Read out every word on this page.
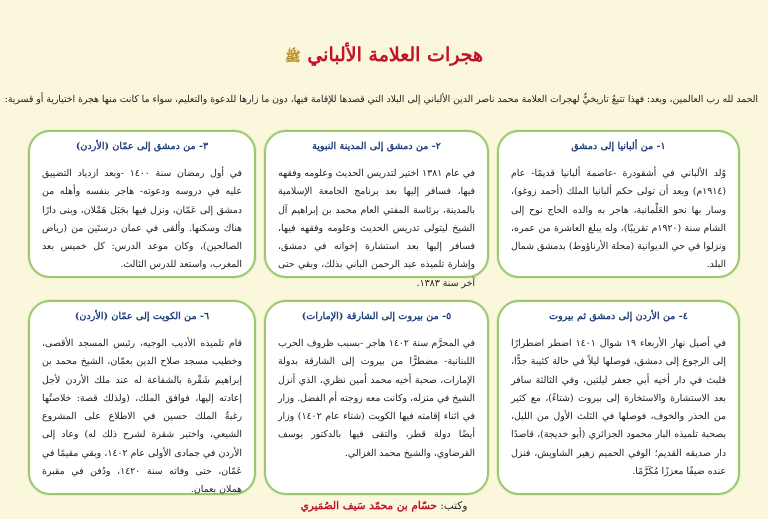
هجرات العلامة الألباني ﷺ
الحمد لله رب العالمين، وبعد: فهذا تتبعٌ تاريخيٌّ لهجرات العلامة محمد ناصر الدين الألباني إلى البلاد التي قصدها للإقامة فيها، دون ما زارها للدعوة والتعليم، سواء ما كانت منها هجرة اختيارية أو قسرية:
١- من ألبانيا إلى دمشق
وُلد الألباني في أشقودرة -عاصمة ألبانيا قديمًا- عام (١٩١٤م) وبعد أن تولى حكم ألبانيا الملك (أحمد زوغو)، وسار بها نحو العَلْمانية، هاجر به والده الحاج نوح إلى الشام سنة (١٩٢٠م تقريبًا)، وله يبلغ العاشرة من عمره، ونزلوا في حي الديوانية (محلة الأرناؤوط) بدمشق شمال البلد.
٢- من دمشق إلى المدينة النبوية
في عام ١٣٨١ اختير لتدريس الحديث وعلومه وفقهه فيها، فسافر إليها بعد برنامج الجامعة الإسلامية بالمدينة، برئاسة المفتي العام محمد بن إبراهيم آل الشيخ ليتولى تدريس الحديث وعلومه وفقهه فيها، فسافر إليها بعد استشارة إخوانه في دمشق، وإشارة تلميذه عبد الرحمن الباني بذلك، وبقي حتى آخر سنة ١٣٨٣.
٣- من دمشق إلى عمّان (الأردن)
في أول رمضان سنة ١٤٠٠ -وبعد ازدياد التضييق عليه في دروسه ودعوته- هاجر بنفسه وأهله من دمشق إلى عَمّان، ونزل فيها بجَبَل هَمْلان، وبنى دارًا هناك وسكنها. وألقى في عمان درستَين من (رياض الصالحين)، وكان موعد الدرس: كل خميس بعد المغرب، واستعد للدرس الثالث.
٤- من الأردن إلى دمشق ثم بيروت
في أصيل نهار الأربعاء ١٩ شوال ١٤٠١ اضطر اضطرارًا إلى الرجوع إلى دمشق، فوصلها ليلاً في حالة كئيبة جدًّا، فلبث في دار أخيه أبي جعفر ليلتين، وفي الثالثة سافر بعد الاستشارة والاستخارة إلى بيروت (شتاءً)، مع كثير من الحذر والخوف، فوصلها في الثلث الأول من الليل، بصحبة تلميذه البار محمود الجزائري (أبو خديجة)، قاصدًا دار صديقه القديم؛ الوفي الحميم زهير الشاويش، فنزل عنده ضيفًا معززًا مُكَرَّمًا.
٥- من بيروت إلى الشارقة (الإمارات)
في المحرَّم سنة ١٤٠٢ هاجر -بسبب ظروف الحرب اللبنانية- مضطرًّا من بيروت إلى الشارقة بدولة الإمارات، صحبة أخيه محمد أمين نظري، الذي أنزل الشيخ في منزله، وكانت معه زوجته أم الفضل. وزار في اثناء إقامته فيها الكويت (شتاء عام ١٤٠٢) وزار أيضًا دولة قطر، والتقى فيها بالدكتور يوسف القرضاوي، والشيخ محمد الغزالي.
٦- من الكويت إلى عمّان (الأردن)
قام تلميذه الأديب الوجيه، رئيس المسجد الأقصى، وخطيب مسجد صلاح الدين بعمّان، الشيخ محمد بن إبراهيم شَقْرة بالشفاعة له عند ملك الأردن لأجل إعادته إليها، فوافق الملك، (ولذلك قصة: خلاصتُها رغبةُ الملك حسين في الاطلاع على المشروع الشيعي، واختير شقرة لشرح ذلك له) وعاد إلى الأردن في جمادى الأولى عام ١٤٠٢، وبقي مقيمًا في عَمّان، حتى وفاته سنة ١٤٢٠، ودُفن في مقبرة هملان بعمان.
وكتب: حسّام بن محمّد سَيف الصُمَيري
